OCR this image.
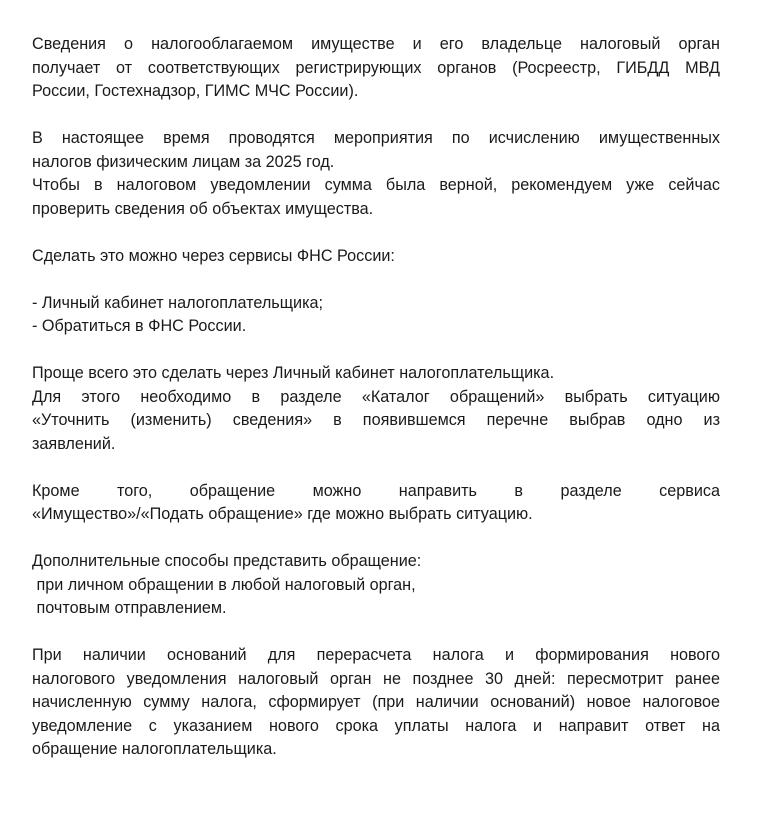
Сведения о налогооблагаемом имуществе и его владельце налоговый орган
получает от соответствующих регистрирующих органов (Росреестр, ГИБДД МВД
России, Гостехнадзор, ГИМС МЧС России).
В настоящее время проводятся мероприятия по исчислению имущественных
налогов физическим лицам за 2025 год.
Чтобы в налоговом уведомлении сумма была верной, рекомендуем уже сейчас
проверить сведения об объектах имущества.
Сделать это можно через сервисы ФНС России:
- Личный кабинет налогоплательщика;
- Обратиться в ФНС России.
Проще всего это сделать через Личный кабинет налогоплательщика.
Для этого необходимо в разделе «Каталог обращений» выбрать ситуацию
«Уточнить (изменить) сведения» в появившемся перечне выбрав одно из
заявлений.
Кроме того, обращение можно направить в разделе сервиса
«Имущество»/«Подать обращение» где можно выбрать ситуацию.
Дополнительные способы представить обращение:
при личном обращении в любой налоговый орган,
почтовым отправлением.
При наличии оснований для перерасчета налога и формирования нового
налогового уведомления налоговый орган не позднее 30 дней: пересмотрит ранее
начисленную сумму налога, сформирует (при наличии оснований) новое налоговое
уведомление с указанием нового срока уплаты налога и направит ответ на
обращение налогоплательщика.
